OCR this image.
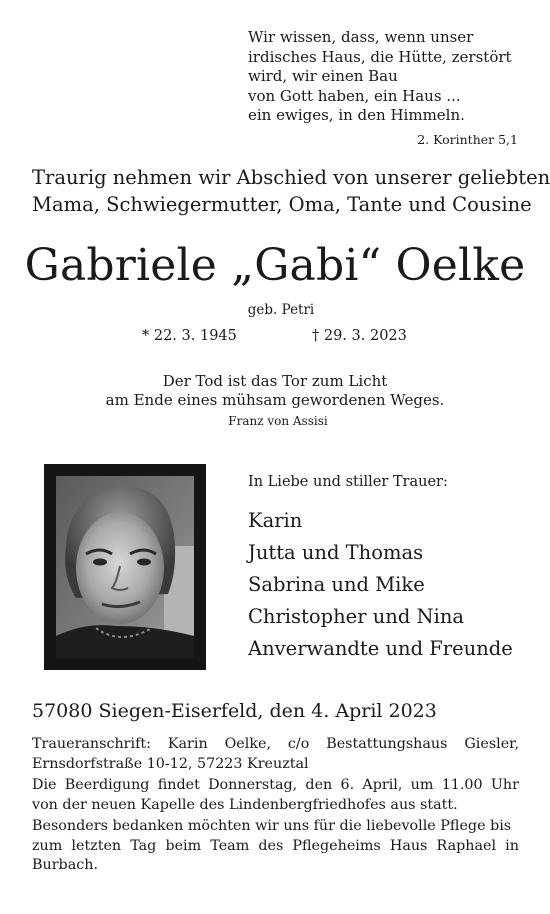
Wir wissen, dass, wenn unser
irdisches Haus, die Hütte, zerstört
wird, wir einen Bau
von Gott haben, ein Haus ...
ein ewiges, in den Himmeln.
2. Korinther 5,1
Traurig nehmen wir Abschied von unserer geliebten
Mama, Schwiegermutter, Oma, Tante und Cousine
Gabriele „Gabi“ Oelke
geb. Petri
* 22. 3. 1945	† 29. 3. 2023
Der Tod ist das Tor zum Licht
am Ende eines mühsam gewordenen Weges.
Franz von Assisi
In Liebe und stiller Trauer:
Karin
Jutta und Thomas
Sabrina und Mike
Christopher und Nina
Anverwandte und Freunde
57080 Siegen-Eiserfeld, den 4. April 2023
Traueranschrift: Karin Oelke, c/o Bestattungshaus Giesler,
Ernsdorfstraße 10-12, 57223 Kreuztal
Die Beerdigung findet Donnerstag, den 6. April, um 11.00 Uhr
von der neuen Kapelle des Lindenbergfriedhofes aus statt.
Besonders bedanken möchten wir uns für die liebevolle Pflege bis
zum letzten Tag beim Team des Pflegeheims Haus Raphael in
Burbach.
